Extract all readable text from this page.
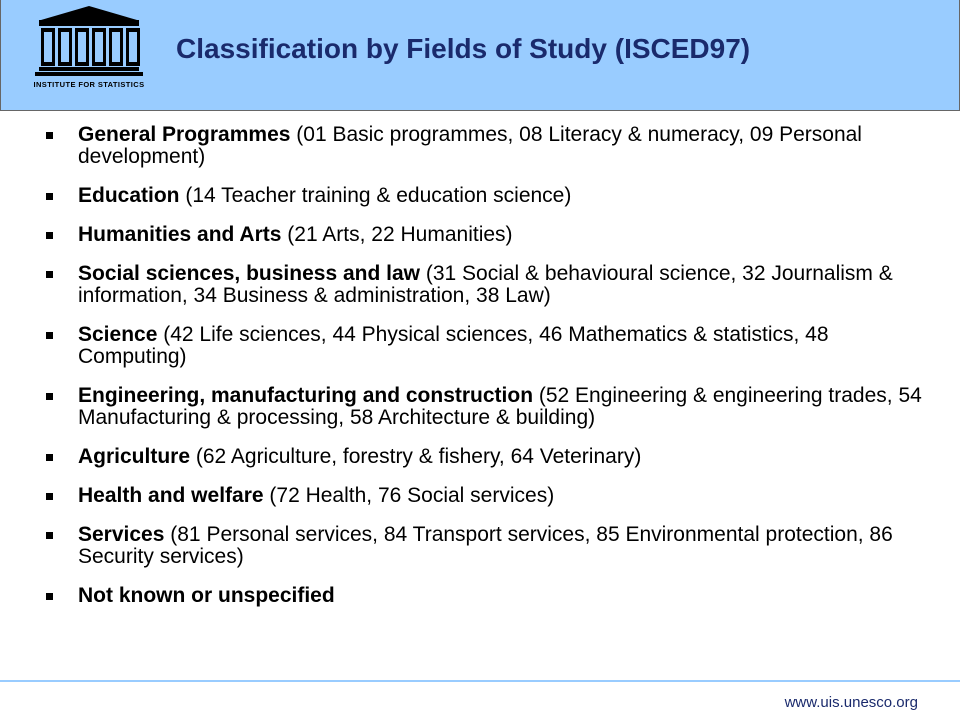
INSTITUTE FOR STATISTICS
Classification by Fields of Study (ISCED97)
General Programmes (01 Basic programmes, 08 Literacy & numeracy, 09 Personal development)
Education (14 Teacher training & education science)
Humanities and Arts (21 Arts, 22 Humanities)
Social sciences, business and law (31 Social & behavioural science, 32 Journalism & information, 34 Business & administration, 38 Law)
Science (42 Life sciences, 44 Physical sciences, 46 Mathematics & statistics, 48 Computing)
Engineering, manufacturing and construction (52 Engineering & engineering trades, 54 Manufacturing & processing, 58 Architecture & building)
Agriculture (62 Agriculture, forestry & fishery, 64 Veterinary)
Health and welfare (72 Health, 76 Social services)
Services (81 Personal services, 84 Transport services, 85 Environmental protection, 86 Security services)
Not known or unspecified
www.uis.unesco.org
